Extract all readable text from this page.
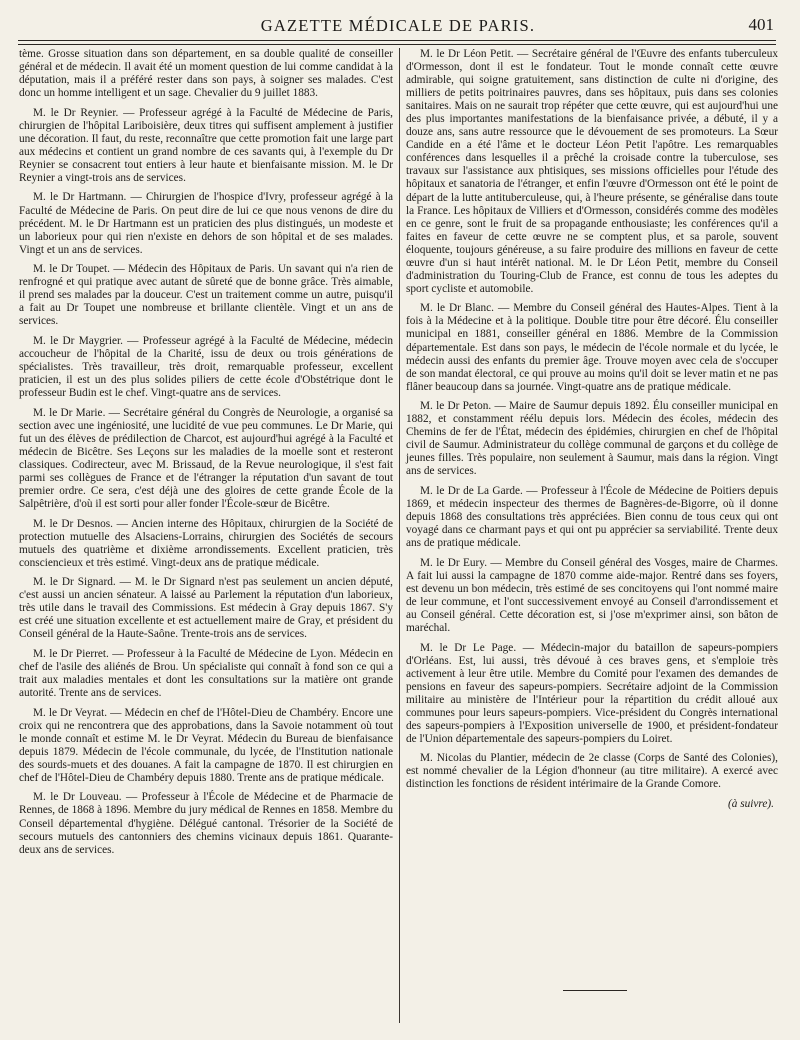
GAZETTE MÉDICALE DE PARIS.	401

tème. Grosse situation dans son département, en sa double qualité de conseiller général et de médecin. Il avait été un moment question de lui comme candidat à la députation, mais il a préféré rester dans son pays, à soigner ses malades. C'est donc un homme intelligent et un sage. Chevalier du 9 juillet 1883.

M. le Dr Reynier. — Professeur agrégé à la Faculté de Médecine de Paris, chirurgien de l'hôpital Lariboisière, deux titres qui suffisent amplement à justifier une décoration. Il faut, du reste, reconnaître que cette promotion fait une large part aux médecins et contient un grand nombre de ces savants qui, à l'exemple du Dr Reynier se consacrent tout entiers à leur haute et bienfaisante mission. M. le Dr Reynier a vingt-trois ans de services.

M. le Dr Hartmann. — Chirurgien de l'hospice d'Ivry, professeur agrégé à la Faculté de Médecine de Paris. On peut dire de lui ce que nous venons de dire du précédent. M. le Dr Hartmann est un praticien des plus distingués, un modeste et un laborieux pour qui rien n'existe en dehors de son hôpital et de ses malades. Vingt et un ans de services.

M. le Dr Toupet. — Médecin des Hôpitaux de Paris. Un savant qui n'a rien de renfrogné et qui pratique avec autant de sûreté que de bonne grâce. Très aimable, il prend ses malades par la douceur. C'est un traitement comme un autre, puisqu'il a fait au Dr Toupet une nombreuse et brillante clientèle. Vingt et un ans de services.

M. le Dr Maygrier. — Professeur agrégé à la Faculté de Médecine, médecin accoucheur de l'hôpital de la Charité, issu de deux ou trois générations de spécialistes. Très travailleur, très droit, remarquable professeur, excellent praticien, il est un des plus solides piliers de cette école d'Obstétrique dont le professeur Budin est le chef. Vingt-quatre ans de services.

M. le Dr Marie. — Secrétaire général du Congrès de Neurologie, a organisé sa section avec une ingéniosité, une lucidité de vue peu communes. Le Dr Marie, qui fut un des élèves de prédilection de Charcot, est aujourd'hui agrégé à la Faculté et médecin de Bicêtre. Ses Leçons sur les maladies de la moelle sont et resteront classiques. Codirecteur, avec M. Brissaud, de la Revue neurologique, il s'est fait parmi ses collègues de France et de l'étranger la réputation d'un savant de tout premier ordre. Ce sera, c'est déjà une des gloires de cette grande École de la Salpêtrière, d'où il est sorti pour aller fonder l'École-sœur de Bicêtre.

M. le Dr Desnos. — Ancien interne des Hôpitaux, chirurgien de la Société de protection mutuelle des Alsaciens-Lorrains, chirurgien des Sociétés de secours mutuels des quatrième et dixième arrondissements. Excellent praticien, très consciencieux et très estimé. Vingt-deux ans de pratique médicale.

M. le Dr Signard. — M. le Dr Signard n'est pas seulement un ancien député, c'est aussi un ancien sénateur. A laissé au Parlement la réputation d'un laborieux, très utile dans le travail des Commissions. Est médecin à Gray depuis 1867. S'y est créé une situation excellente et est actuellement maire de Gray, et président du Conseil général de la Haute-Saône. Trente-trois ans de services.

M. le Dr Pierret. — Professeur à la Faculté de Médecine de Lyon. Médecin en chef de l'asile des aliénés de Brou. Un spécialiste qui connaît à fond son ce qui a trait aux maladies mentales et dont les consultations sur la matière ont grande autorité. Trente ans de services.

M. le Dr Veyrat. — Médecin en chef de l'Hôtel-Dieu de Chambéry. Encore une croix qui ne rencontrera que des approbations, dans la Savoie notamment où tout le monde connaît et estime M. le Dr Veyrat. Médecin du Bureau de bienfaisance depuis 1879. Médecin de l'école communale, du lycée, de l'Institution nationale des sourds-muets et des douanes. A fait la campagne de 1870. Il est chirurgien en chef de l'Hôtel-Dieu de Chambéry depuis 1880. Trente ans de pratique médicale.

M. le Dr Louveau. — Professeur à l'École de Médecine et de Pharmacie de Rennes, de 1868 à 1896. Membre du jury médical de Rennes en 1858. Membre du Conseil départemental d'hygiène. Délégué cantonal. Trésorier de la Société de secours mutuels des cantonniers des chemins vicinaux depuis 1861. Quarante-deux ans de services.

M. le Dr Léon Petit. — Secrétaire général de l'Œuvre des enfants tuberculeux d'Ormesson, dont il est le fondateur. Tout le monde connaît cette œuvre admirable, qui soigne gratuitement, sans distinction de culte ni d'origine, des milliers de petits poitrinaires pauvres, dans ses hôpitaux, puis dans ses colonies sanitaires. Mais on ne saurait trop répéter que cette œuvre, qui est aujourd'hui une des plus importantes manifestations de la bienfaisance privée, a débuté, il y a douze ans, sans autre ressource que le dévouement de ses promoteurs. La Sœur Candide en a été l'âme et le docteur Léon Petit l'apôtre. Les remarquables conférences dans lesquelles il a prêché la croisade contre la tuberculose, ses travaux sur l'assistance aux phtisiques, ses missions officielles pour l'étude des hôpitaux et sanatoria de l'étranger, et enfin l'œuvre d'Ormesson ont été le point de départ de la lutte antituberculeuse, qui, à l'heure présente, se généralise dans toute la France. Les hôpitaux de Villiers et d'Ormesson, considérés comme des modèles en ce genre, sont le fruit de sa propagande enthousiaste; les conférences qu'il a faites en faveur de cette œuvre ne se comptent plus, et sa parole, souvent éloquente, toujours généreuse, a su faire produire des millions en faveur de cette œuvre d'un si haut intérêt national. M. le Dr Léon Petit, membre du Conseil d'administration du Touring-Club de France, est connu de tous les adeptes du sport cycliste et automobile.

M. le Dr Blanc. — Membre du Conseil général des Hautes-Alpes. Tient à la fois à la Médecine et à la politique. Double titre pour être décoré. Élu conseiller municipal en 1881, conseiller général en 1886. Membre de la Commission départementale. Est dans son pays, le médecin de l'école normale et du lycée, le médecin aussi des enfants du premier âge. Trouve moyen avec cela de s'occuper de son mandat électoral, ce qui prouve au moins qu'il doit se lever matin et ne pas flâner beaucoup dans sa journée. Vingt-quatre ans de pratique médicale.

M. le Dr Peton. — Maire de Saumur depuis 1892. Élu conseiller municipal en 1882, et constamment réélu depuis lors. Médecin des écoles, médecin des Chemins de fer de l'État, médecin des épidémies, chirurgien en chef de l'hôpital civil de Saumur. Administrateur du collège communal de garçons et du collège de jeunes filles. Très populaire, non seulement à Saumur, mais dans la région. Vingt ans de services.

M. le Dr de La Garde. — Professeur à l'École de Médecine de Poitiers depuis 1869, et médecin inspecteur des thermes de Bagnères-de-Bigorre, où il donne depuis 1868 des consultations très appréciées. Bien connu de tous ceux qui ont voyagé dans ce charmant pays et qui ont pu apprécier sa serviabilité. Trente deux ans de pratique médicale.

M. le Dr Eury. — Membre du Conseil général des Vosges, maire de Charmes. A fait lui aussi la campagne de 1870 comme aide-major. Rentré dans ses foyers, est devenu un bon médecin, très estimé de ses concitoyens qui l'ont nommé maire de leur commune, et l'ont successivement envoyé au Conseil d'arrondissement et au Conseil général. Cette décoration est, si j'ose m'exprimer ainsi, son bâton de maréchal.

M. le Dr Le Page. — Médecin-major du bataillon de sapeurs-pompiers d'Orléans. Est, lui aussi, très dévoué à ces braves gens, et s'emploie très activement à leur être utile. Membre du Comité pour l'examen des demandes de pensions en faveur des sapeurs-pompiers. Secrétaire adjoint de la Commission militaire au ministère de l'Intérieur pour la répartition du crédit alloué aux communes pour leurs sapeurs-pompiers. Vice-président du Congrès international des sapeurs-pompiers à l'Exposition universelle de 1900, et président-fondateur de l'Union départementale des sapeurs-pompiers du Loiret.

M. Nicolas du Plantier, médecin de 2e classe (Corps de Santé des Colonies), est nommé chevalier de la Légion d'honneur (au titre militaire). A exercé avec distinction les fonctions de résident intérimaire de la Grande Comore.

(à suivre).
